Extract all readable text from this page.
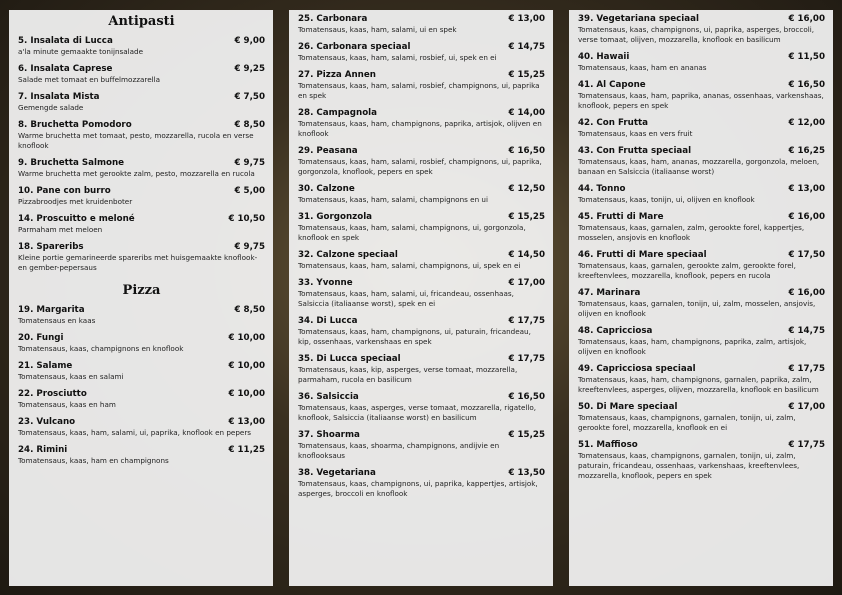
Antipasti
5. Insalata di Lucca	€ 9,00
a'la minute gemaakte tonijnsalade
6. Insalata Caprese	€ 9,25
Salade met tomaat en buffelmozzarella
7. Insalata Mista	€ 7,50
Gemengde salade
8. Bruchetta Pomodoro	€ 8,50
Warme bruchetta met tomaat, pesto, mozzarella, rucola en verse knoflook
9. Bruchetta Salmone	€ 9,75
Warme bruchetta met gerookte zalm, pesto, mozzarella en rucola
10. Pane con burro	€ 5,00
Pizzabroodjes met kruidenboter
14. Proscuitto e meloné	€ 10,50
Parmaham met meloen
18. Spareribs	€ 9,75
Kleine portie gemarineerde spareribs met huisgemaakte knoflook- en gember-pepersaus
Pizza
19. Margarita	€ 8,50
Tomatensaus en kaas
20. Fungi	€ 10,00
Tomatensaus, kaas, champignons en knoflook
21. Salame	€ 10,00
Tomatensaus, kaas en salami
22. Prosciutto	€ 10,00
Tomatensaus, kaas en ham
23. Vulcano	€ 13,00
Tomatensaus, kaas, ham, salami, ui, paprika, knoflook en pepers
24. Rimini	€ 11,25
Tomatensaus, kaas, ham en champignons
25. Carbonara	€ 13,00
Tomatensaus, kaas, ham, salami, ui en spek
26. Carbonara speciaal	€ 14,75
Tomatensaus, kaas, ham, salami, rosbief, ui, spek en ei
27. Pizza Annen	€ 15,25
Tomatensaus, kaas, ham, salami, rosbief, champignons, ui, paprika en spek
28. Campagnola	€ 14,00
Tomatensaus, kaas, ham, champignons, paprika, artisjok, olijven en knoflook
29. Peasana	€ 16,50
Tomatensaus, kaas, ham, salami, rosbief, champignons, ui, paprika, gorgonzola, knoflook, pepers en spek
30. Calzone	€ 12,50
Tomatensaus, kaas, ham, salami, champignons en ui
31. Gorgonzola	€ 15,25
Tomatensaus, kaas, ham, salami, champignons, ui, gorgonzola, knoflook en spek
32. Calzone speciaal	€ 14,50
Tomatensaus, kaas, ham, salami, champignons, ui, spek en ei
33. Yvonne	€ 17,00
Tomatensaus, kaas, ham, salami, ui, fricandeau, ossenhaas, Salsiccia (italiaanse worst), spek en ei
34. Di Lucca	€ 17,75
Tomatensaus, kaas, ham, champignons, ui, paturain, fricandeau, kip, ossenhaas, varkenshaas en spek
35. Di Lucca speciaal	€ 17,75
Tomatensaus, kaas, kip, asperges, verse tomaat, mozzarella, parmaham, rucola en basilicum
36. Salsiccia	€ 16,50
Tomatensaus, kaas, asperges, verse tomaat, mozzarella, rigatello, knoflook, Salsiccia (italiaanse worst) en basilicum
37. Shoarma	€ 15,25
Tomatensaus, kaas, shoarma, champignons, andijvie en knoflooksaus
38. Vegetariana	€ 13,50
Tomatensaus, kaas, champignons, ui, paprika, kappertjes, artisjok, asperges, broccoli en knoflook
39. Vegetariana speciaal	€ 16,00
Tomatensaus, kaas, champignons, ui, paprika, asperges, broccoli, verse tomaat, olijven, mozzarella, knoflook en basilicum
40. Hawaii	€ 11,50
Tomatensaus, kaas, ham en ananas
41. Al Capone	€ 16,50
Tomatensaus, kaas, ham, paprika, ananas, ossenhaas, varkenshaas, knoflook, pepers en spek
42. Con Frutta	€ 12,00
Tomatensaus, kaas en vers fruit
43. Con Frutta speciaal	€ 16,25
Tomatensaus, kaas, ham, ananas, mozzarella, gorgonzola, meloen, banaan en Salsiccia (italiaanse worst)
44. Tonno	€ 13,00
Tomatensaus, kaas, tonijn, ui, olijven en knoflook
45. Frutti di Mare	€ 16,00
Tomatensaus, kaas, garnalen, zalm, gerookte forel, kappertjes, mosselen, ansjovis en knoflook
46. Frutti di Mare speciaal	€ 17,50
Tomatensaus, kaas, garnalen, gerookte zalm, gerookte forel, kreeftenvlees, mozzarella, knoflook, pepers en rucola
47. Marinara	€ 16,00
Tomatensaus, kaas, garnalen, tonijn, ui, zalm, mosselen, ansjovis, olijven en knoflook
48. Capricciosa	€ 14,75
Tomatensaus, kaas, ham, champignons, paprika, zalm, artisjok, olijven en knoflook
49. Capricciosa speciaal	€ 17,75
Tomatensaus, kaas, ham, champignons, garnalen, paprika, zalm, kreeftenvlees, asperges, olijven, mozzarella, knoflook en basilicum
50. Di Mare speciaal	€ 17,00
Tomatensaus, kaas, champignons, garnalen, tonijn, ui, zalm, gerookte forel, mozzarella, knoflook en ei
51. Maffioso	€ 17,75
Tomatensaus, kaas, champignons, garnalen, tonijn, ui, zalm, paturain, fricandeau, ossenhaas, varkenshaas, kreeftenvlees, mozzarella, knoflook, pepers en spek
